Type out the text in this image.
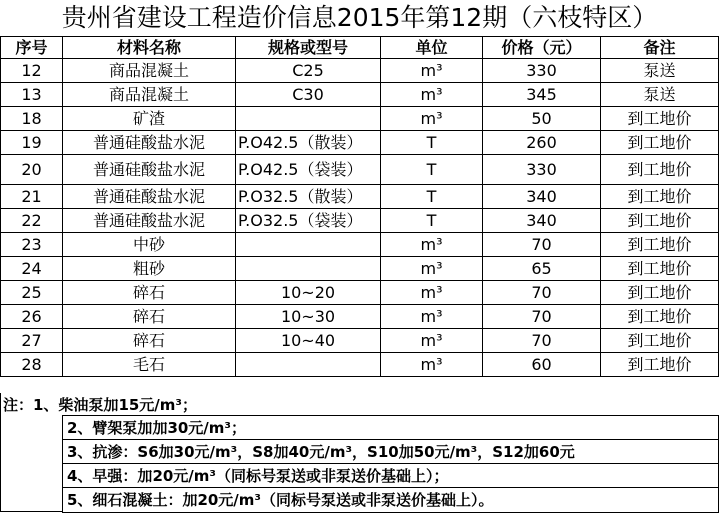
贵州省建设工程造价信息2015年第12期（六枝特区）
序号	材料名称	规格或型号	单位	价格（元）	备注
12	商品混凝土	C25	m³	330	泵送
13	商品混凝土	C30	m³	345	泵送
18	矿渣		m³	50	到工地价
19	普通硅酸盐水泥	P.O42.5（散装）	T	260	到工地价
20	普通硅酸盐水泥	P.O42.5（袋装）	T	330	到工地价
21	普通硅酸盐水泥	P.O32.5（散装）	T	340	到工地价
22	普通硅酸盐水泥	P.O32.5（袋装）	T	340	到工地价
23	中砂		m³	70	到工地价
24	粗砂		m³	65	到工地价
25	碎石	10~20	m³	70	到工地价
26	碎石	10~30	m³	70	到工地价
27	碎石	10~40	m³	70	到工地价
28	毛石		m³	60	到工地价
注：1、柴油泵加15元/m³；
2、臂架泵加加30元/m³；
3、抗渗：S6加30元/m³，S8加40元/m³，S10加50元/m³，S12加60元
4、早强：加20元/m³（同标号泵送或非泵送价基础上）；
5、细石混凝土：加20元/m³（同标号泵送或非泵送价基础上）。
